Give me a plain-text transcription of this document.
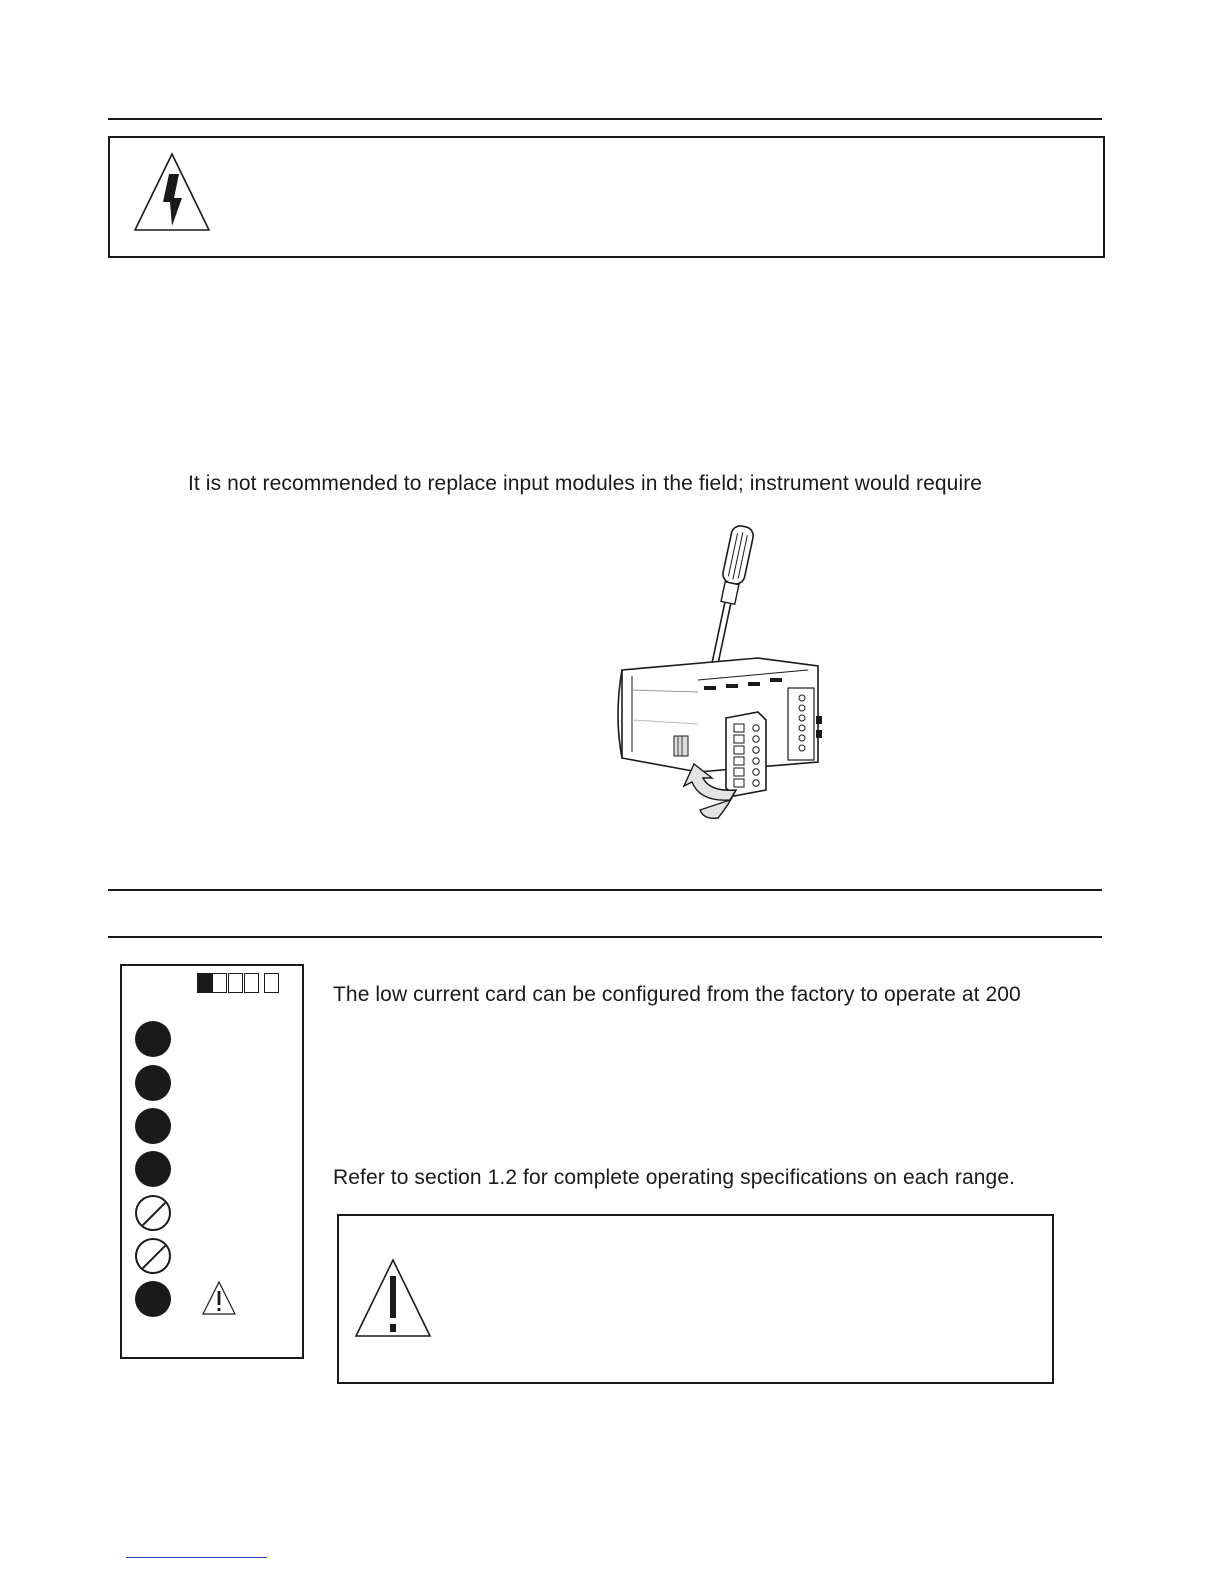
It is not recommended to replace input modules in the field; instrument would require
The low current card can be configured from the factory to operate at 200
Refer to section 1.2 for complete operating specifications on each range.
